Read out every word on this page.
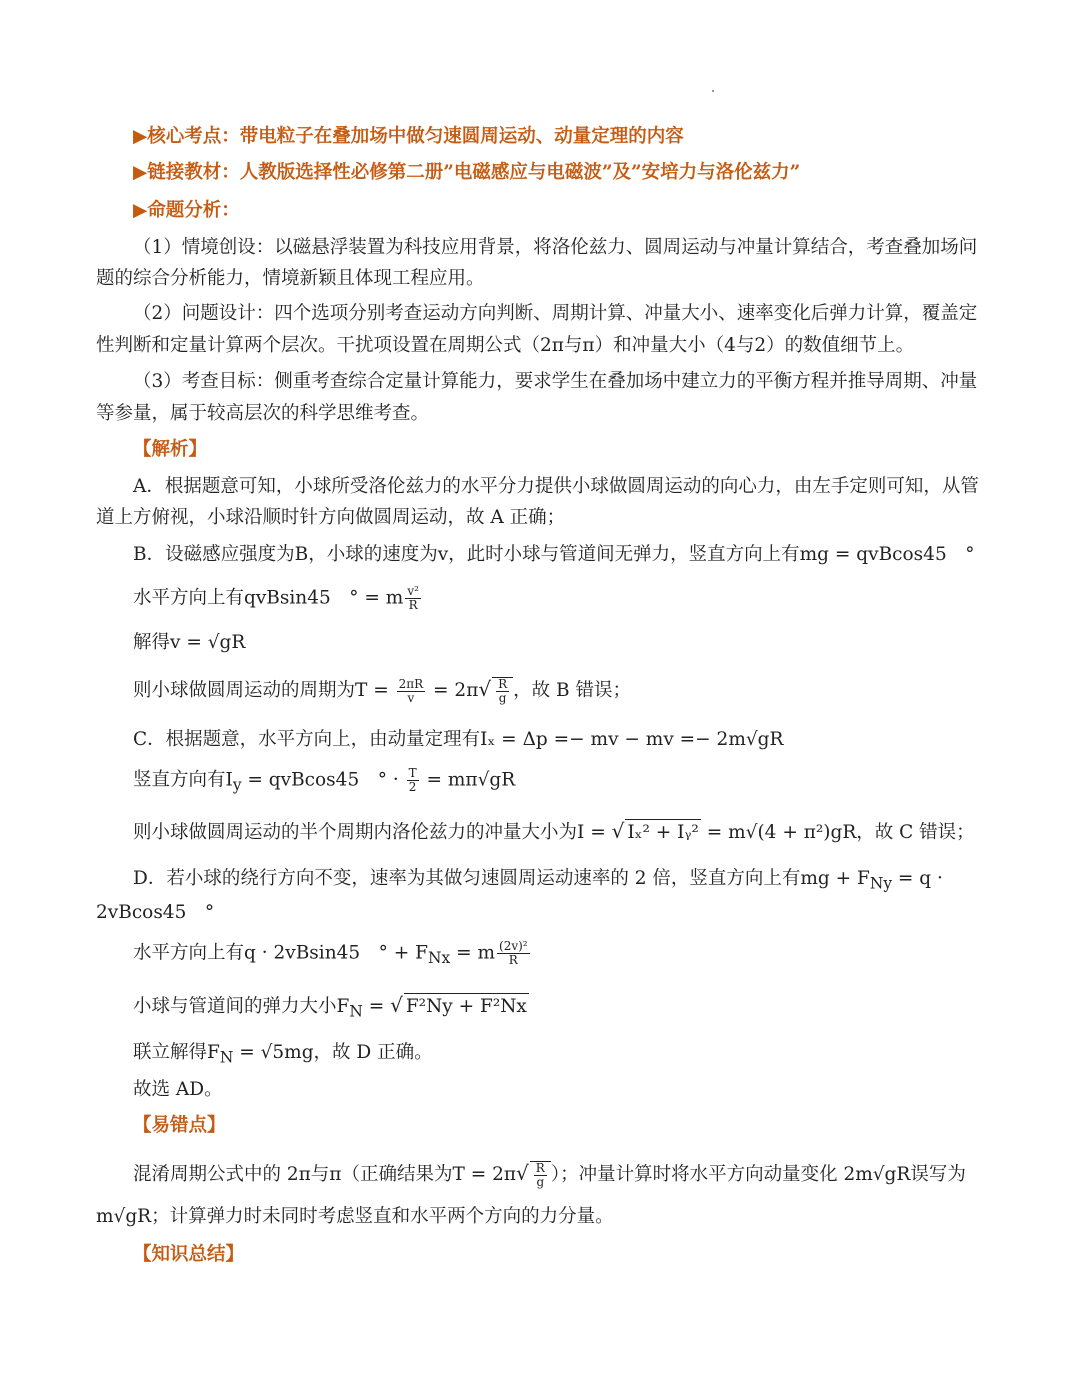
▶核心考点：带电粒子在叠加场中做匀速圆周运动、动量定理的内容
▶链接教材：人教版选择性必修第二册”电磁感应与电磁波”及”安培力与洛伦兹力”
▶命题分析：
（1）情境创设：以磁悬浮装置为科技应用背景，将洛伦兹力、圆周运动与冲量计算结合，考查叠加场问
题的综合分析能力，情境新颖且体现工程应用。
（2）问题设计：四个选项分别考查运动方向判断、周期计算、冲量大小、速率变化后弹力计算，覆盖定
性判断和定量计算两个层次。干扰项设置在周期公式（2π与π）和冲量大小（4与2）的数值细节上。
（3）考查目标：侧重考查综合定量计算能力，要求学生在叠加场中建立力的平衡方程并推导周期、冲量
等参量，属于较高层次的科学思维考查。
【解析】
A．根据题意可知，小球所受洛伦兹力的水平分力提供小球做圆周运动的向心力，由左手定则可知，从管
道上方俯视，小球沿顺时针方向做圆周运动，故 A 正确；
B．设磁感应强度为B，小球的速度为v，此时小球与管道间无弹力，竖直方向上有mg = qvBcos45　°
水平方向上有qvBsin45　° = m $\frac{\text{v²}}{R}$
解得v = √gR
则小球做圆周运动的周期为$T = \frac{2\pi R}{v} = 2\pi√ \frac{R}{g}$ ，故 B 错误；
C．根据题意，水平方向上，由动量定理有Iₓ = Δp =− mv − mv =− 2m√gR
竖直方向有$I_y = qvBcos45$　° · $\frac{T}{2} = m\pi√gR$
则小球做圆周运动的半个周期内洛伦兹力的冲量大小为I = √ Iₓ² + Iᵧ² = m√(4 + π²)gR，故 C 错误；
D．若小球的绕行方向不变，速率为其做匀速圆周运动速率的 2 倍，竖直方向上有mg + $F_{Ny} = q$ ·
2vBcos45　°
水平方向上有q · 2vBsin45　° + $F_{Nx} = m \frac{\text{(2v)²}}{R}$
小球与管道间的弹力大小$F_N$ = √ F²Ny + F²Nx
联立解得$F_N = √5mg$，故 D 正确。
故选 AD。
【易错点】
混淆周期公式中的 2π与π（正确结果为$T = 2\pi√ \frac{R}{g}$ ）；冲量计算时将水平方向动量变化 2m√gR误写为
m√gR；计算弹力时未同时考虑竖直和水平两个方向的力分量。
【知识总结】
